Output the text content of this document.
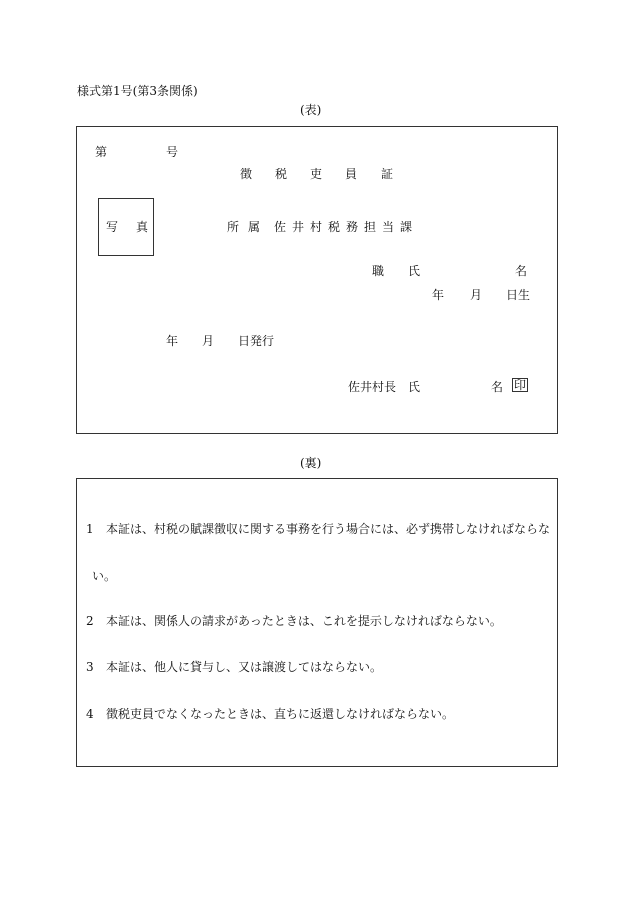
様式第1号(第3条関係)
(表)
第	号
徴 税 吏 員 証
写 真	所 属 佐 井 村 税 務 担 当 課
職 氏	名
年 月 日生
年 月 日発行
佐井村長 氏	名 印
(裏)
1 本証は、村税の賦課徴収に関する事務を行う場合には、必ず携帯しなければならな
い。
2 本証は、関係人の請求があったときは、これを提示しなければならない。
3 本証は、他人に貸与し、又は譲渡してはならない。
4 徴税吏員でなくなったときは、直ちに返還しなければならない。
